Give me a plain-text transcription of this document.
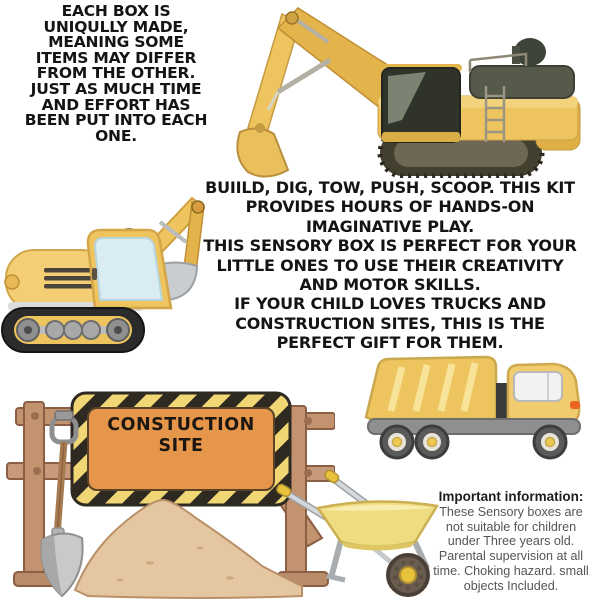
EACH BOX IS
UNIQULLY MADE,
MEANING SOME
ITEMS MAY DIFFER
FROM THE OTHER.
JUST AS MUCH TIME
AND EFFORT HAS
BEEN PUT INTO EACH
ONE.
BUIILD, DIG, TOW, PUSH, SCOOP. THIS KIT
PROVIDES HOURS OF HANDS-ON
IMAGINATIVE PLAY.
THIS SENSORY BOX IS PERFECT FOR YOUR
LITTLE ONES TO USE THEIR CREATIVITY
AND MOTOR SKILLS.
IF YOUR CHILD LOVES TRUCKS AND
CONSTRUCTION SITES, THIS IS THE
PERFECT GIFT FOR THEM.
CONSTUCTION
SITE
Important information:
These Sensory boxes are
not suitable for children
under Three years old.
Parental supervision at all
time. Choking hazard. small
objects Included.
